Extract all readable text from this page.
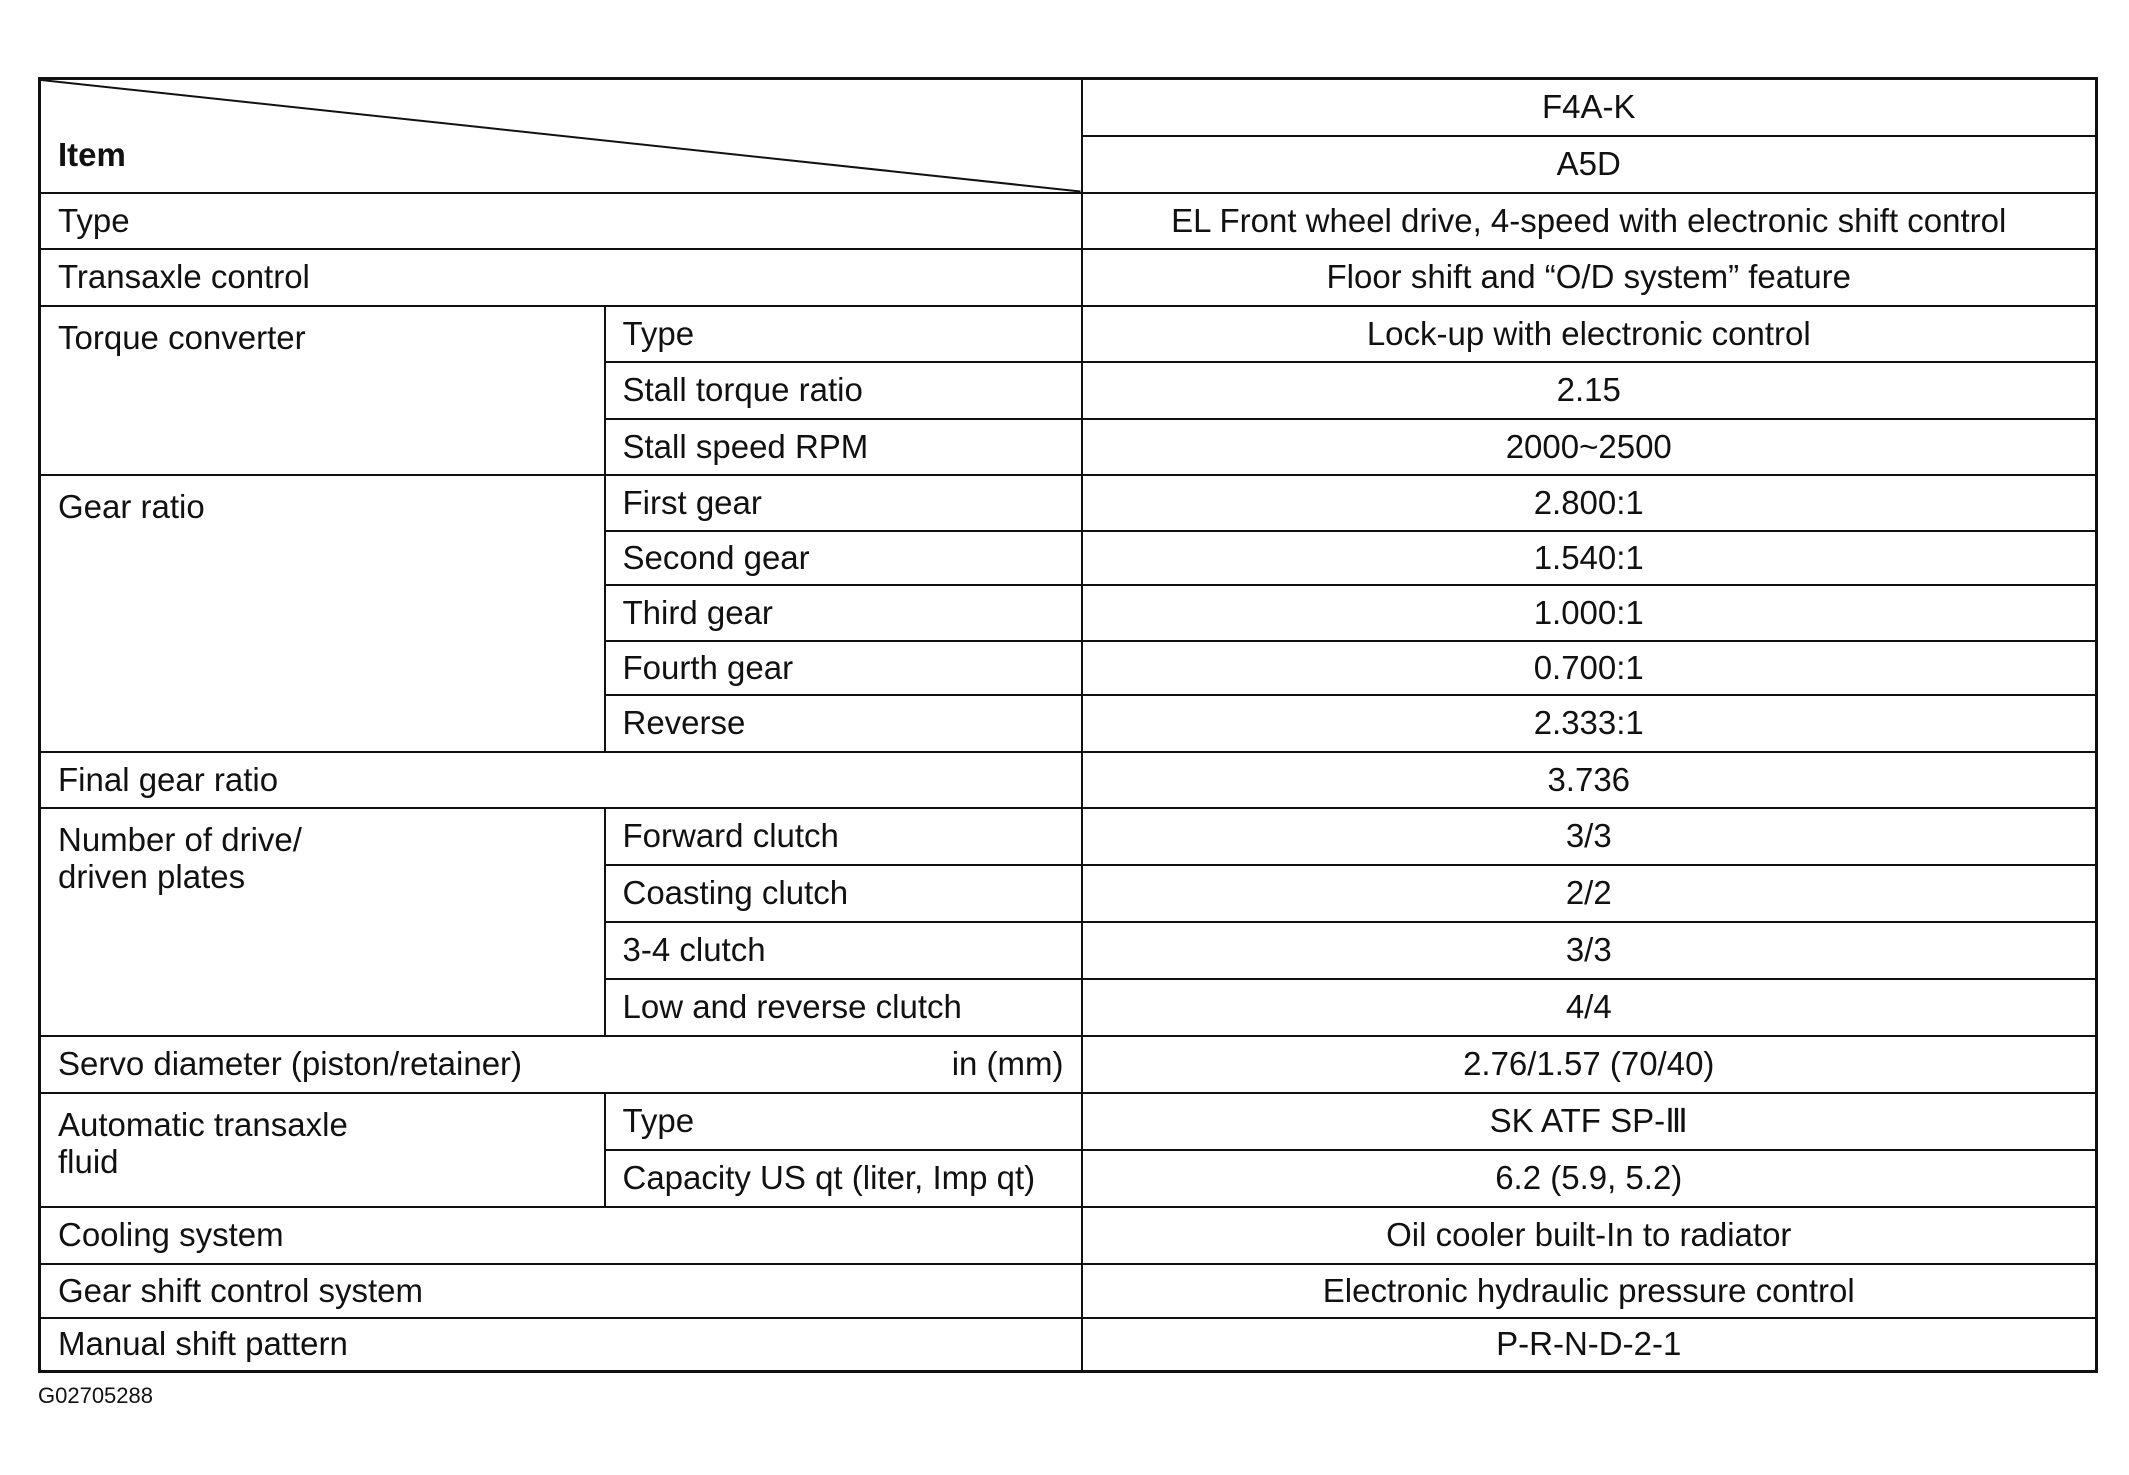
Item		F4A-K
		A5D
Type		EL Front wheel drive, 4-speed with electronic shift control
Transaxle control		Floor shift and “O/D system” feature
Torque converter	Type	Lock-up with electronic control
	Stall torque ratio	2.15
	Stall speed RPM	2000~2500
Gear ratio	First gear	2.800:1
	Second gear	1.540:1
	Third gear	1.000:1
	Fourth gear	0.700:1
	Reverse	2.333:1
Final gear ratio		3.736
Number of drive/
driven plates	Forward clutch	3/3
	Coasting clutch	2/2
	3-4 clutch	3/3
	Low and reverse clutch	4/4
Servo diameter (piston/retainer) in (mm)		2.76/1.57 (70/40)
Automatic transaxle
fluid	Type	SK ATF SP-Ⅲ
	Capacity US qt (liter, Imp qt)	6.2 (5.9, 5.2)
Cooling system		Oil cooler built-In to radiator
Gear shift control system		Electronic hydraulic pressure control
Manual shift pattern		P-R-N-D-2-1
G02705288
